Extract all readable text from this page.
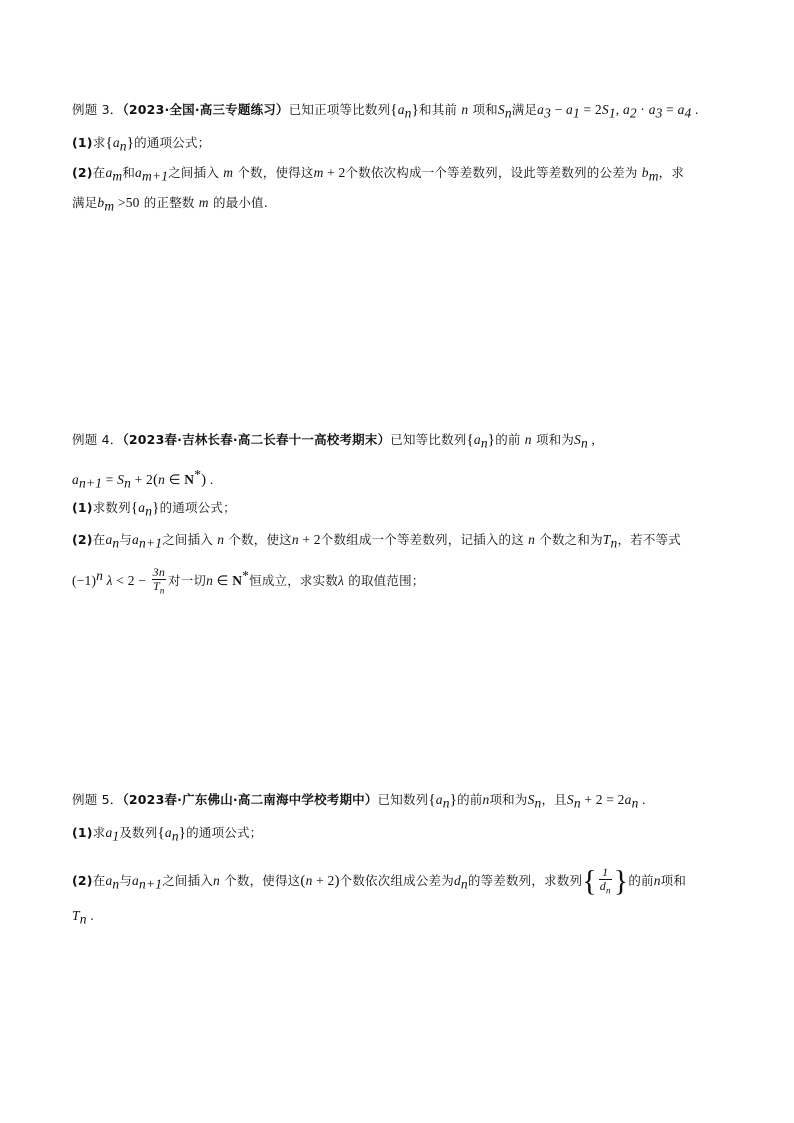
例题 3．（2023·全国·高三专题练习）已知正项等比数列$\{a_n\}$和其前 n 项和$S_n$满足$a_3 - a_1 = 2S_1$, $a_2 \cdot a_3 = a_4$ .
(1)求$\{a_n\}$的通项公式；
(2)在$a_m$和$a_{m+1}$之间插入 m 个数，使得这m + 2个数依次构成一个等差数列，设此等差数列的公差为 $b_m$，求
满足$b_m >50$ 的正整数 m 的最小值.
例题 4．（2023春·吉林长春·高二长春十一高校考期末）已知等比数列$\{a_n\}$的前 n 项和为$S_n$ ,
$a_{n+1} = S_n + 2(n$ ∈ N*) .
(1)求数列$\{a_n\}$的通项公式；
(2)在$a_n$与$a_{n+1}$之间插入 n 个数，使这n + 2个数组成一个等差数列，记插入的这 n 个数之和为$T_n$，若不等式
$(-1)^n$ $\lambda < 2 - \frac{3n}{T_n}$ 对一切n ∈ N*恒成立，求实数λ 的取值范围；
例题 5．（2023春·广东佛山·高二南海中学校考期中）已知数列$\{a_n\}$的前n项和为$S_n$，且$S_n + 2 = 2a_n$ .
(1)求$a_1$及数列$\{a_n\}$的通项公式；
(2)在$a_n$与$a_{n+1}$之间插入n 个数，使得这(n + 2)个数依次组成公差为$d_n$的等差数列，求数列{ $\frac{1}{d_n}$ }的前n项和
$T_n$ .
